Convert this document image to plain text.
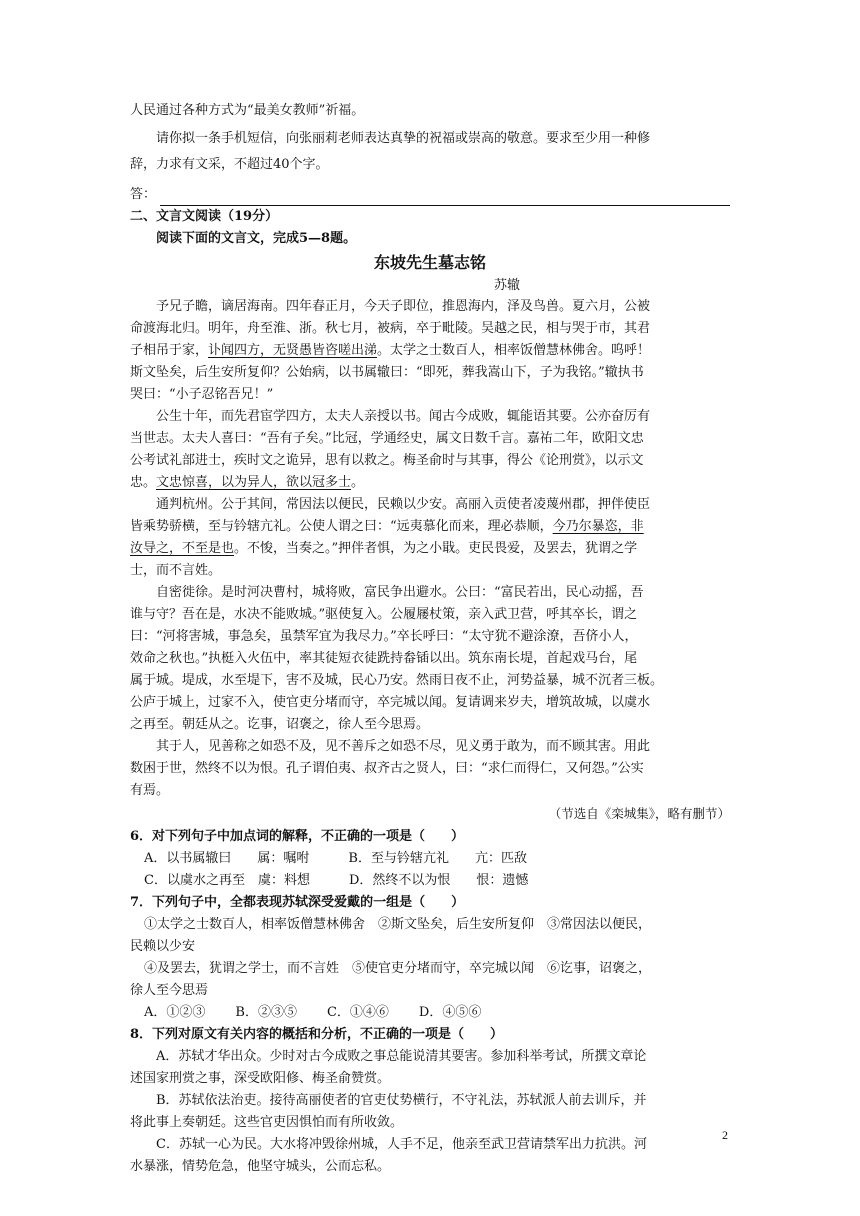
人民通过各种方式为“最美女教师”祈福。
请你拟一条手机短信，向张丽莉老师表达真挚的祝福或崇高的敬意。要求至少用一种修
辞，力求有文采，不超过40个字。
答：
二、文言文阅读（19分）
阅读下面的文言文，完成5—8题。
东坡先生墓志铭
苏辙
予兄子瞻，谪居海南。四年春正月，今天子即位，推恩海内，泽及鸟兽。夏六月，公被
命渡海北归。明年，舟至淮、浙。秋七月，被病，卒于毗陵。吴越之民，相与哭于市，其君
子相吊于家，讣闻四方，无贤愚皆咨嗟出涕。太学之士数百人，相率饭僧慧林佛舍。呜呼！
斯文坠矣，后生安所复仰？公始病，以书属辙曰：“即死，葬我嵩山下，子为我铭。”辙执书
哭曰：“小子忍铭吾兄！”
公生十年，而先君宦学四方，太夫人亲授以书。闻古今成败，辄能语其要。公亦奋厉有
当世志。太夫人喜曰：“吾有子矣。”比冠，学通经史，属文日数千言。嘉祐二年，欧阳文忠
公考试礼部进士，疾时文之诡异，思有以救之。梅圣俞时与其事，得公《论刑赏》，以示文
忠。文忠惊喜，以为异人，欲以冠多士。
通判杭州。公于其间，常因法以便民，民赖以少安。高丽入贡使者凌蔑州郡，押伴使臣
皆乘势骄横，至与钤辖亢礼。公使人谓之曰：“远夷慕化而来，理必恭顺，今乃尔暴恣，非
汝导之，不至是也。不悛，当奏之。”押伴者惧，为之小戢。吏民畏爱，及罢去，犹谓之学
士，而不言姓。
自密徙徐。是时河决曹村，城将败，富民争出避水。公曰：“富民若出，民心动摇，吾
谁与守？吾在是，水决不能败城。”驱使复入。公履屦杖策，亲入武卫营，呼其卒长，谓之
曰：“河将害城，事急矣，虽禁军宜为我尽力。”卒长呼曰：“太守犹不避涂潦，吾侪小人，
效命之秋也。”执梃入火伍中，率其徒短衣徒跣持畚锸以出。筑东南长堤，首起戏马台，尾
属于城。堤成，水至堤下，害不及城，民心乃安。然雨日夜不止，河势益暴，城不沉者三板。
公庐于城上，过家不入，使官吏分堵而守，卒完城以闻。复请调来岁夫，增筑故城，以虞水
之再至。朝廷从之。讫事，诏褒之，徐人至今思焉。
其于人，见善称之如恐不及，见不善斥之如恐不尽，见义勇于敢为，而不顾其害。用此
数困于世，然终不以为恨。孔子谓伯夷、叔齐古之贤人，曰：“求仁而得仁，又何怨。”公实
有焉。
（节选自《栾城集》，略有删节）
6．对下列句子中加点词的解释，不正确的一项是（　　）
A．以书属辙曰　　属：嘱咐　　　	B．至与钤辖亢礼　　亢：匹敌
C．以虞水之再至　虞：料想　　　	D．然终不以为恨　　恨：遗憾
7．下列句子中，全都表现苏轼深受爱戴的一组是（　　）
①太学之士数百人，相率饭僧慧林佛舍　②斯文坠矣，后生安所复仰　③常因法以便民，
民赖以少安
④及罢去，犹谓之学士，而不言姓　⑤使官吏分堵而守，卒完城以闻　⑥讫事，诏褒之，
徐人至今思焉
A．①②③ B．②③⑤ C．①④⑥ D．④⑤⑥
8．下列对原文有关内容的概括和分析，不正确的一项是（　　）
A．苏轼才华出众。少时对古今成败之事总能说清其要害。参加科举考试，所撰文章论
述国家刑赏之事，深受欧阳修、梅圣俞赞赏。
B．苏轼依法治吏。接待高丽使者的官吏仗势横行，不守礼法，苏轼派人前去训斥，并
将此事上奏朝廷。这些官吏因惧怕而有所收敛。
C．苏轼一心为民。大水将冲毁徐州城，人手不足，他亲至武卫营请禁军出力抗洪。河
水暴涨，情势危急，他坚守城头，公而忘私。
2
